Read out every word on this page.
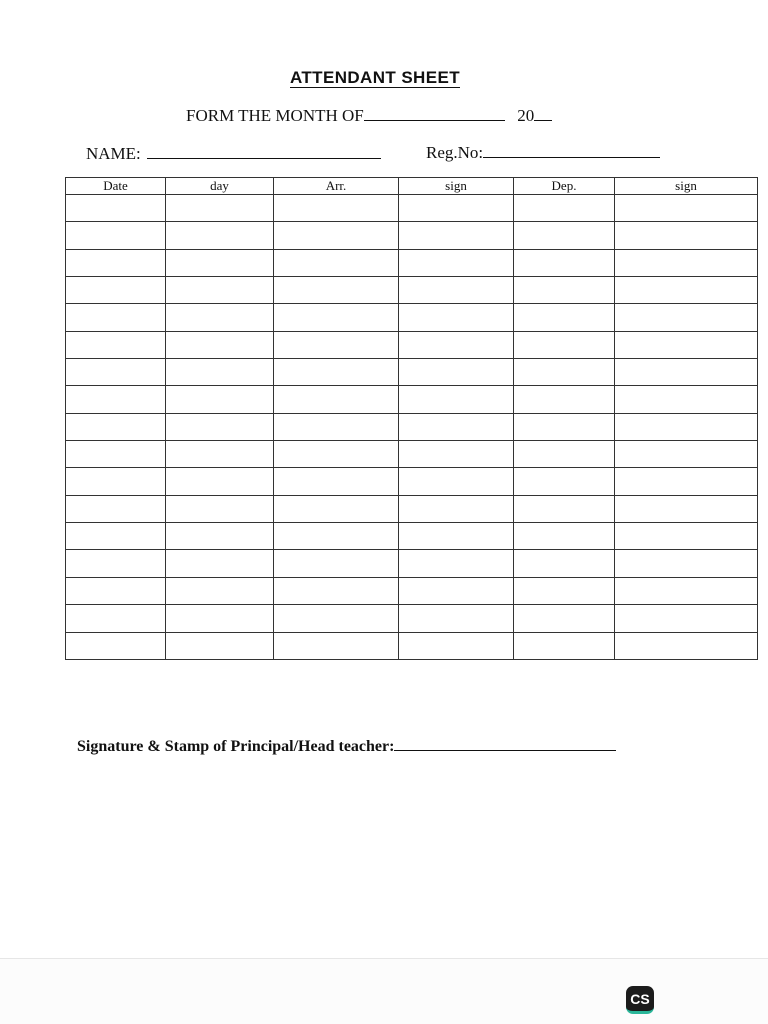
ATTENDANT SHEET
FORM THE MONTH OF	20
NAME:	Reg.No:
Date	day	Arr.	sign	Dep.	sign

Signature & Stamp of Principal/Head teacher:
CS
